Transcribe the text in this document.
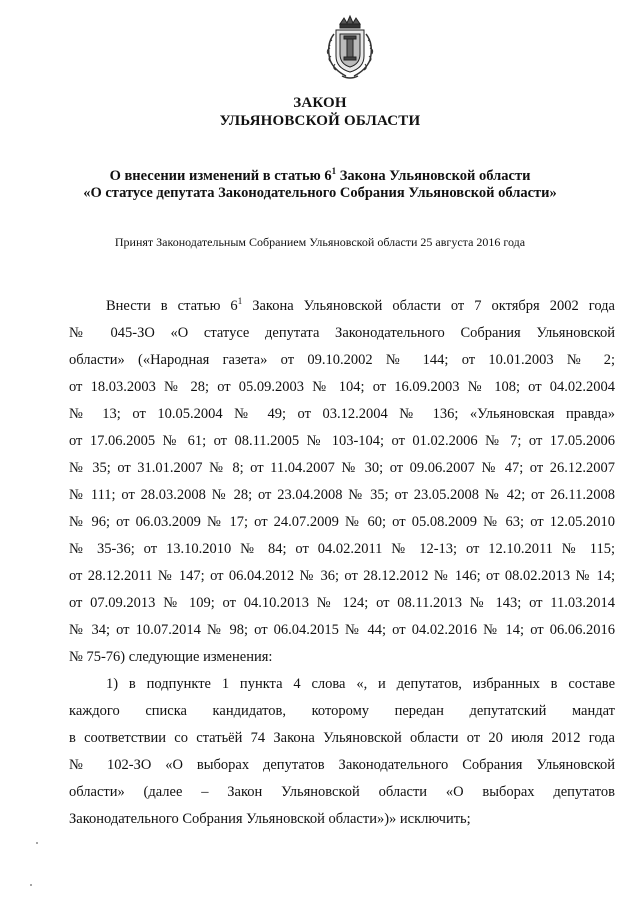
ЗАКОН
УЛЬЯНОВСКОЙ ОБЛАСТИ
О внесении изменений в статью $6^1$ Закона Ульяновской области
«О статусе депутата Законодательного Собрания Ульяновской области»
Принят Законодательным Собранием Ульяновской области 25 августа 2016 года
Внести в статью $6^1$ Закона Ульяновской области от 7 октября 2002 года
№ 045-ЗО «О статусе депутата Законодательного Собрания Ульяновской
области» («Народная газета» от 09.10.2002 № 144; от 10.01.2003 № 2;
от 18.03.2003 № 28; от 05.09.2003 № 104; от 16.09.2003 № 108; от 04.02.2004
№ 13; от 10.05.2004 № 49; от 03.12.2004 № 136; «Ульяновская правда»
от 17.06.2005 № 61; от 08.11.2005 № 103-104; от 01.02.2006 № 7; от 17.05.2006
№ 35; от 31.01.2007 № 8; от 11.04.2007 № 30; от 09.06.2007 № 47; от 26.12.2007
№ 111; от 28.03.2008 № 28; от 23.04.2008 № 35; от 23.05.2008 № 42; от 26.11.2008
№ 96; от 06.03.2009 № 17; от 24.07.2009 № 60; от 05.08.2009 № 63; от 12.05.2010
№ 35-36; от 13.10.2010 № 84; от 04.02.2011 № 12-13; от 12.10.2011 № 115;
от 28.12.2011 № 147; от 06.04.2012 № 36; от 28.12.2012 № 146; от 08.02.2013 № 14;
от 07.09.2013 № 109; от 04.10.2013 № 124; от 08.11.2013 № 143; от 11.03.2014
№ 34; от 10.07.2014 № 98; от 06.04.2015 № 44; от 04.02.2016 № 14; от 06.06.2016
№ 75-76) следующие изменения:
1) в подпункте 1 пункта 4 слова «, и депутатов, избранных в составе
каждого списка кандидатов, которому передан депутатский мандат
в соответствии со статьёй 74 Закона Ульяновской области от 20 июля 2012 года
№ 102-ЗО «О выборах депутатов Законодательного Собрания Ульяновской
области» (далее – Закон Ульяновской области «О выборах депутатов
Законодательного Собрания Ульяновской области»)» исключить;
